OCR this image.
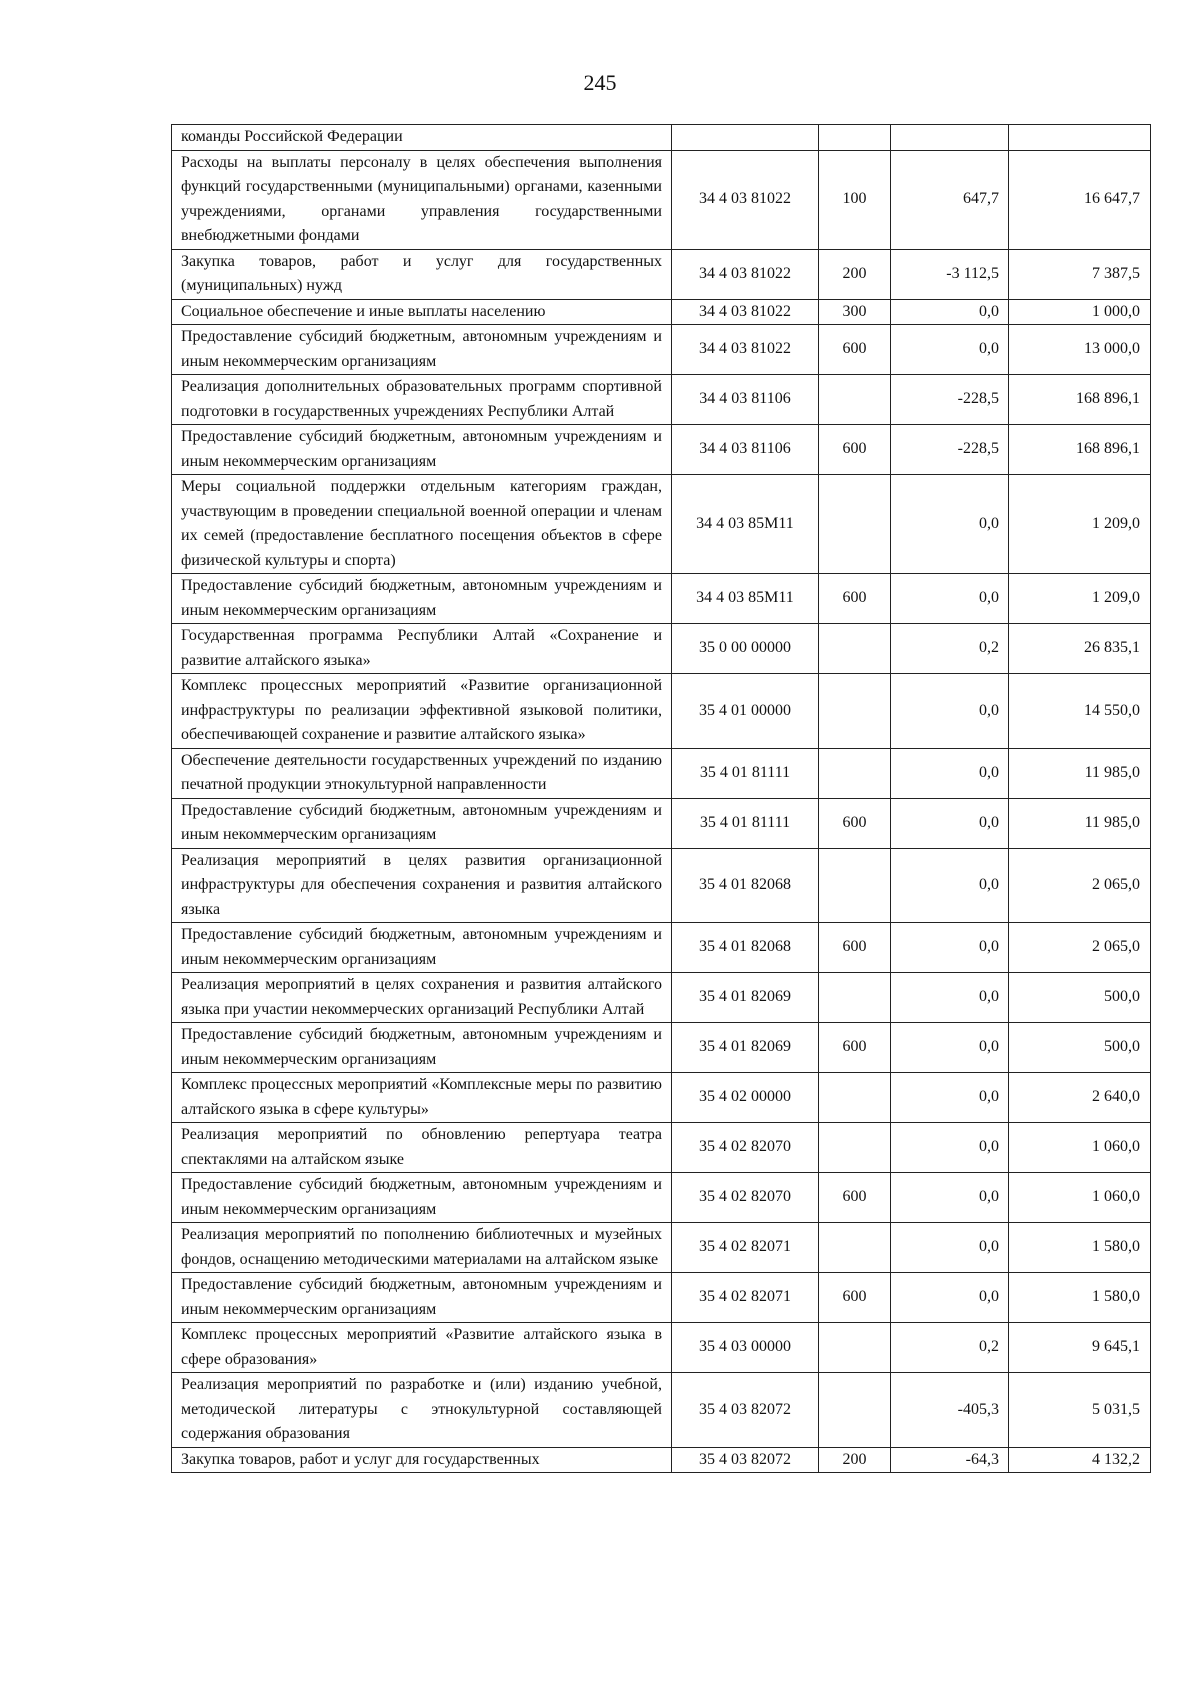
245
команды Российской Федерации				
Расходы на выплаты персоналу в целях обеспечения выполнения функций государственными (муниципальными) органами, казенными учреждениями, органами управления государственными внебюджетными фондами	34 4 03 81022	100	647,7	16 647,7
Закупка товаров, работ и услуг для государственных (муниципальных) нужд	34 4 03 81022	200	-3 112,5	7 387,5
Социальное обеспечение и иные выплаты населению	34 4 03 81022	300	0,0	1 000,0
Предоставление субсидий бюджетным, автономным учреждениям и иным некоммерческим организациям	34 4 03 81022	600	0,0	13 000,0
Реализация дополнительных образовательных программ спортивной подготовки в государственных учреждениях Республики Алтай	34 4 03 81106		-228,5	168 896,1
Предоставление субсидий бюджетным, автономным учреждениям и иным некоммерческим организациям	34 4 03 81106	600	-228,5	168 896,1
Меры социальной поддержки отдельным категориям граждан, участвующим в проведении специальной военной операции и членам их семей (предоставление бесплатного посещения объектов в сфере физической культуры и спорта)	34 4 03 85М11		0,0	1 209,0
Предоставление субсидий бюджетным, автономным учреждениям и иным некоммерческим организациям	34 4 03 85М11	600	0,0	1 209,0
Государственная программа Республики Алтай «Сохранение и развитие алтайского языка»	35 0 00 00000		0,2	26 835,1
Комплекс процессных мероприятий «Развитие организационной инфраструктуры по реализации эффективной языковой политики, обеспечивающей сохранение и развитие алтайского языка»	35 4 01 00000		0,0	14 550,0
Обеспечение деятельности государственных учреждений по изданию печатной продукции этнокультурной направленности	35 4 01 81111		0,0	11 985,0
Предоставление субсидий бюджетным, автономным учреждениям и иным некоммерческим организациям	35 4 01 81111	600	0,0	11 985,0
Реализация мероприятий в целях развития организационной инфраструктуры для обеспечения сохранения и развития алтайского языка	35 4 01 82068		0,0	2 065,0
Предоставление субсидий бюджетным, автономным учреждениям и иным некоммерческим организациям	35 4 01 82068	600	0,0	2 065,0
Реализация мероприятий в целях сохранения и развития алтайского языка при участии некоммерческих организаций Республики Алтай	35 4 01 82069		0,0	500,0
Предоставление субсидий бюджетным, автономным учреждениям и иным некоммерческим организациям	35 4 01 82069	600	0,0	500,0
Комплекс процессных мероприятий «Комплексные меры по развитию алтайского языка в сфере культуры»	35 4 02 00000		0,0	2 640,0
Реализация мероприятий по обновлению репертуара театра спектаклями на алтайском языке	35 4 02 82070		0,0	1 060,0
Предоставление субсидий бюджетным, автономным учреждениям и иным некоммерческим организациям	35 4 02 82070	600	0,0	1 060,0
Реализация мероприятий по пополнению библиотечных и музейных фондов, оснащению методическими материалами на алтайском языке	35 4 02 82071		0,0	1 580,0
Предоставление субсидий бюджетным, автономным учреждениям и иным некоммерческим организациям	35 4 02 82071	600	0,0	1 580,0
Комплекс процессных мероприятий «Развитие алтайского языка в сфере образования»	35 4 03 00000		0,2	9 645,1
Реализация мероприятий по разработке и (или) изданию учебной, методической литературы с этнокультурной составляющей содержания образования	35 4 03 82072		-405,3	5 031,5
Закупка товаров, работ и услуг для государственных	35 4 03 82072	200	-64,3	4 132,2
